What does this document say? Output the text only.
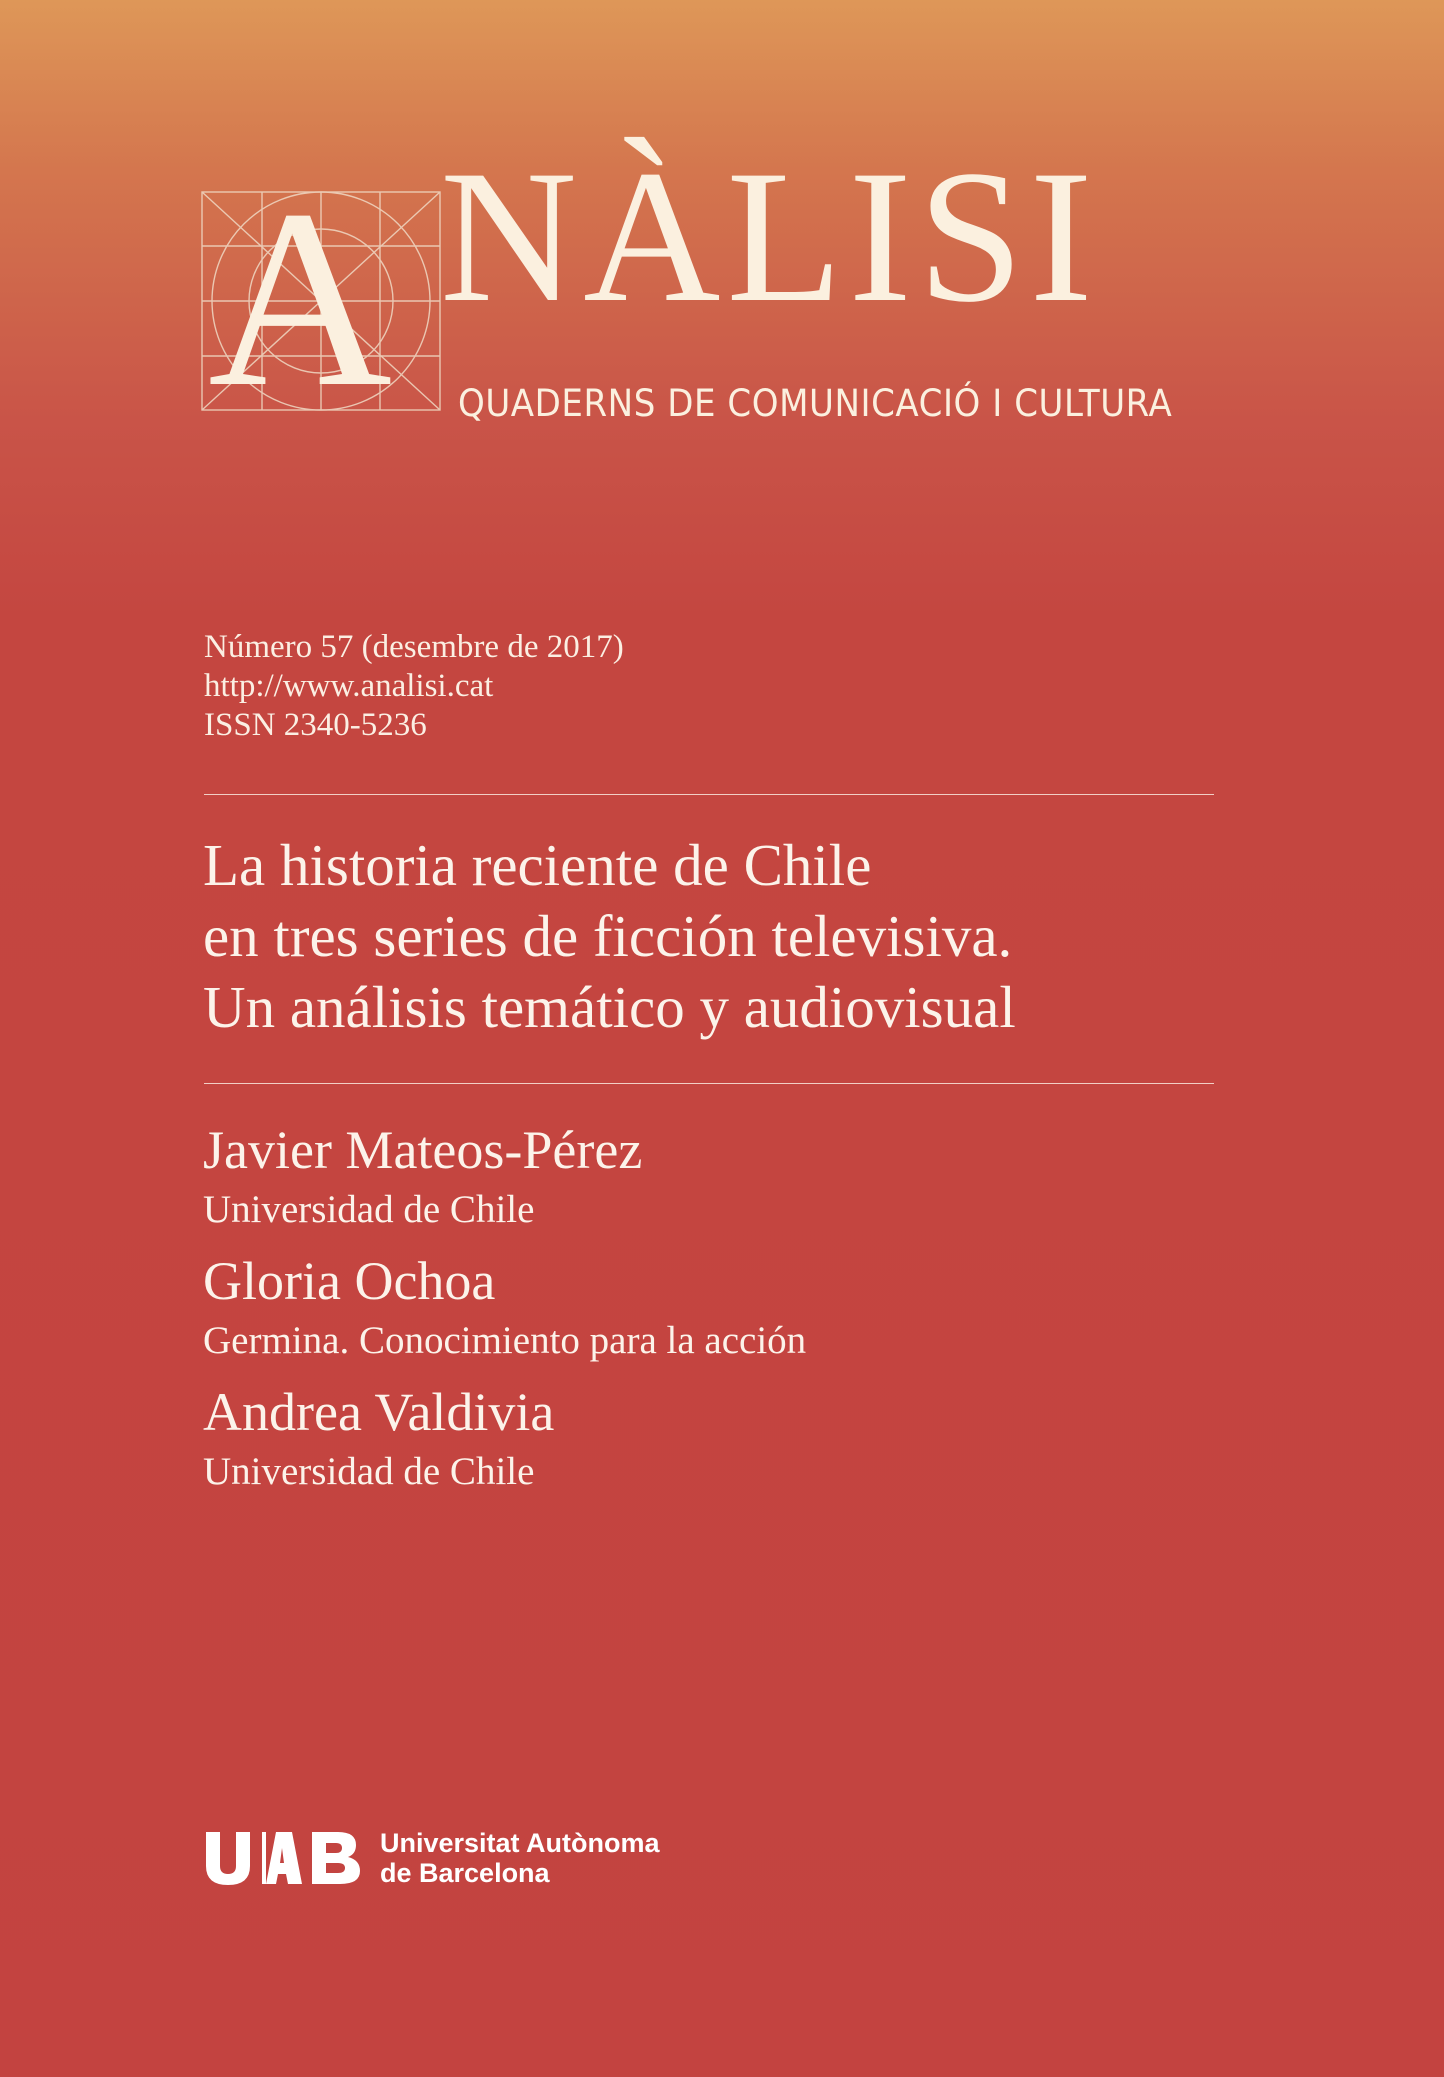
A NÀLISI
QUADERNS DE COMUNICACIÓ I CULTURA
Número 57 (desembre de 2017)
http://www.analisi.cat
ISSN 2340-5236
La historia reciente de Chile
en tres series de ficción televisiva.
Un análisis temático y audiovisual
Javier Mateos-Pérez
Universidad de Chile
Gloria Ochoa
Germina. Conocimiento para la acción
Andrea Valdivia
Universidad de Chile
Universitat Autònoma
de Barcelona
